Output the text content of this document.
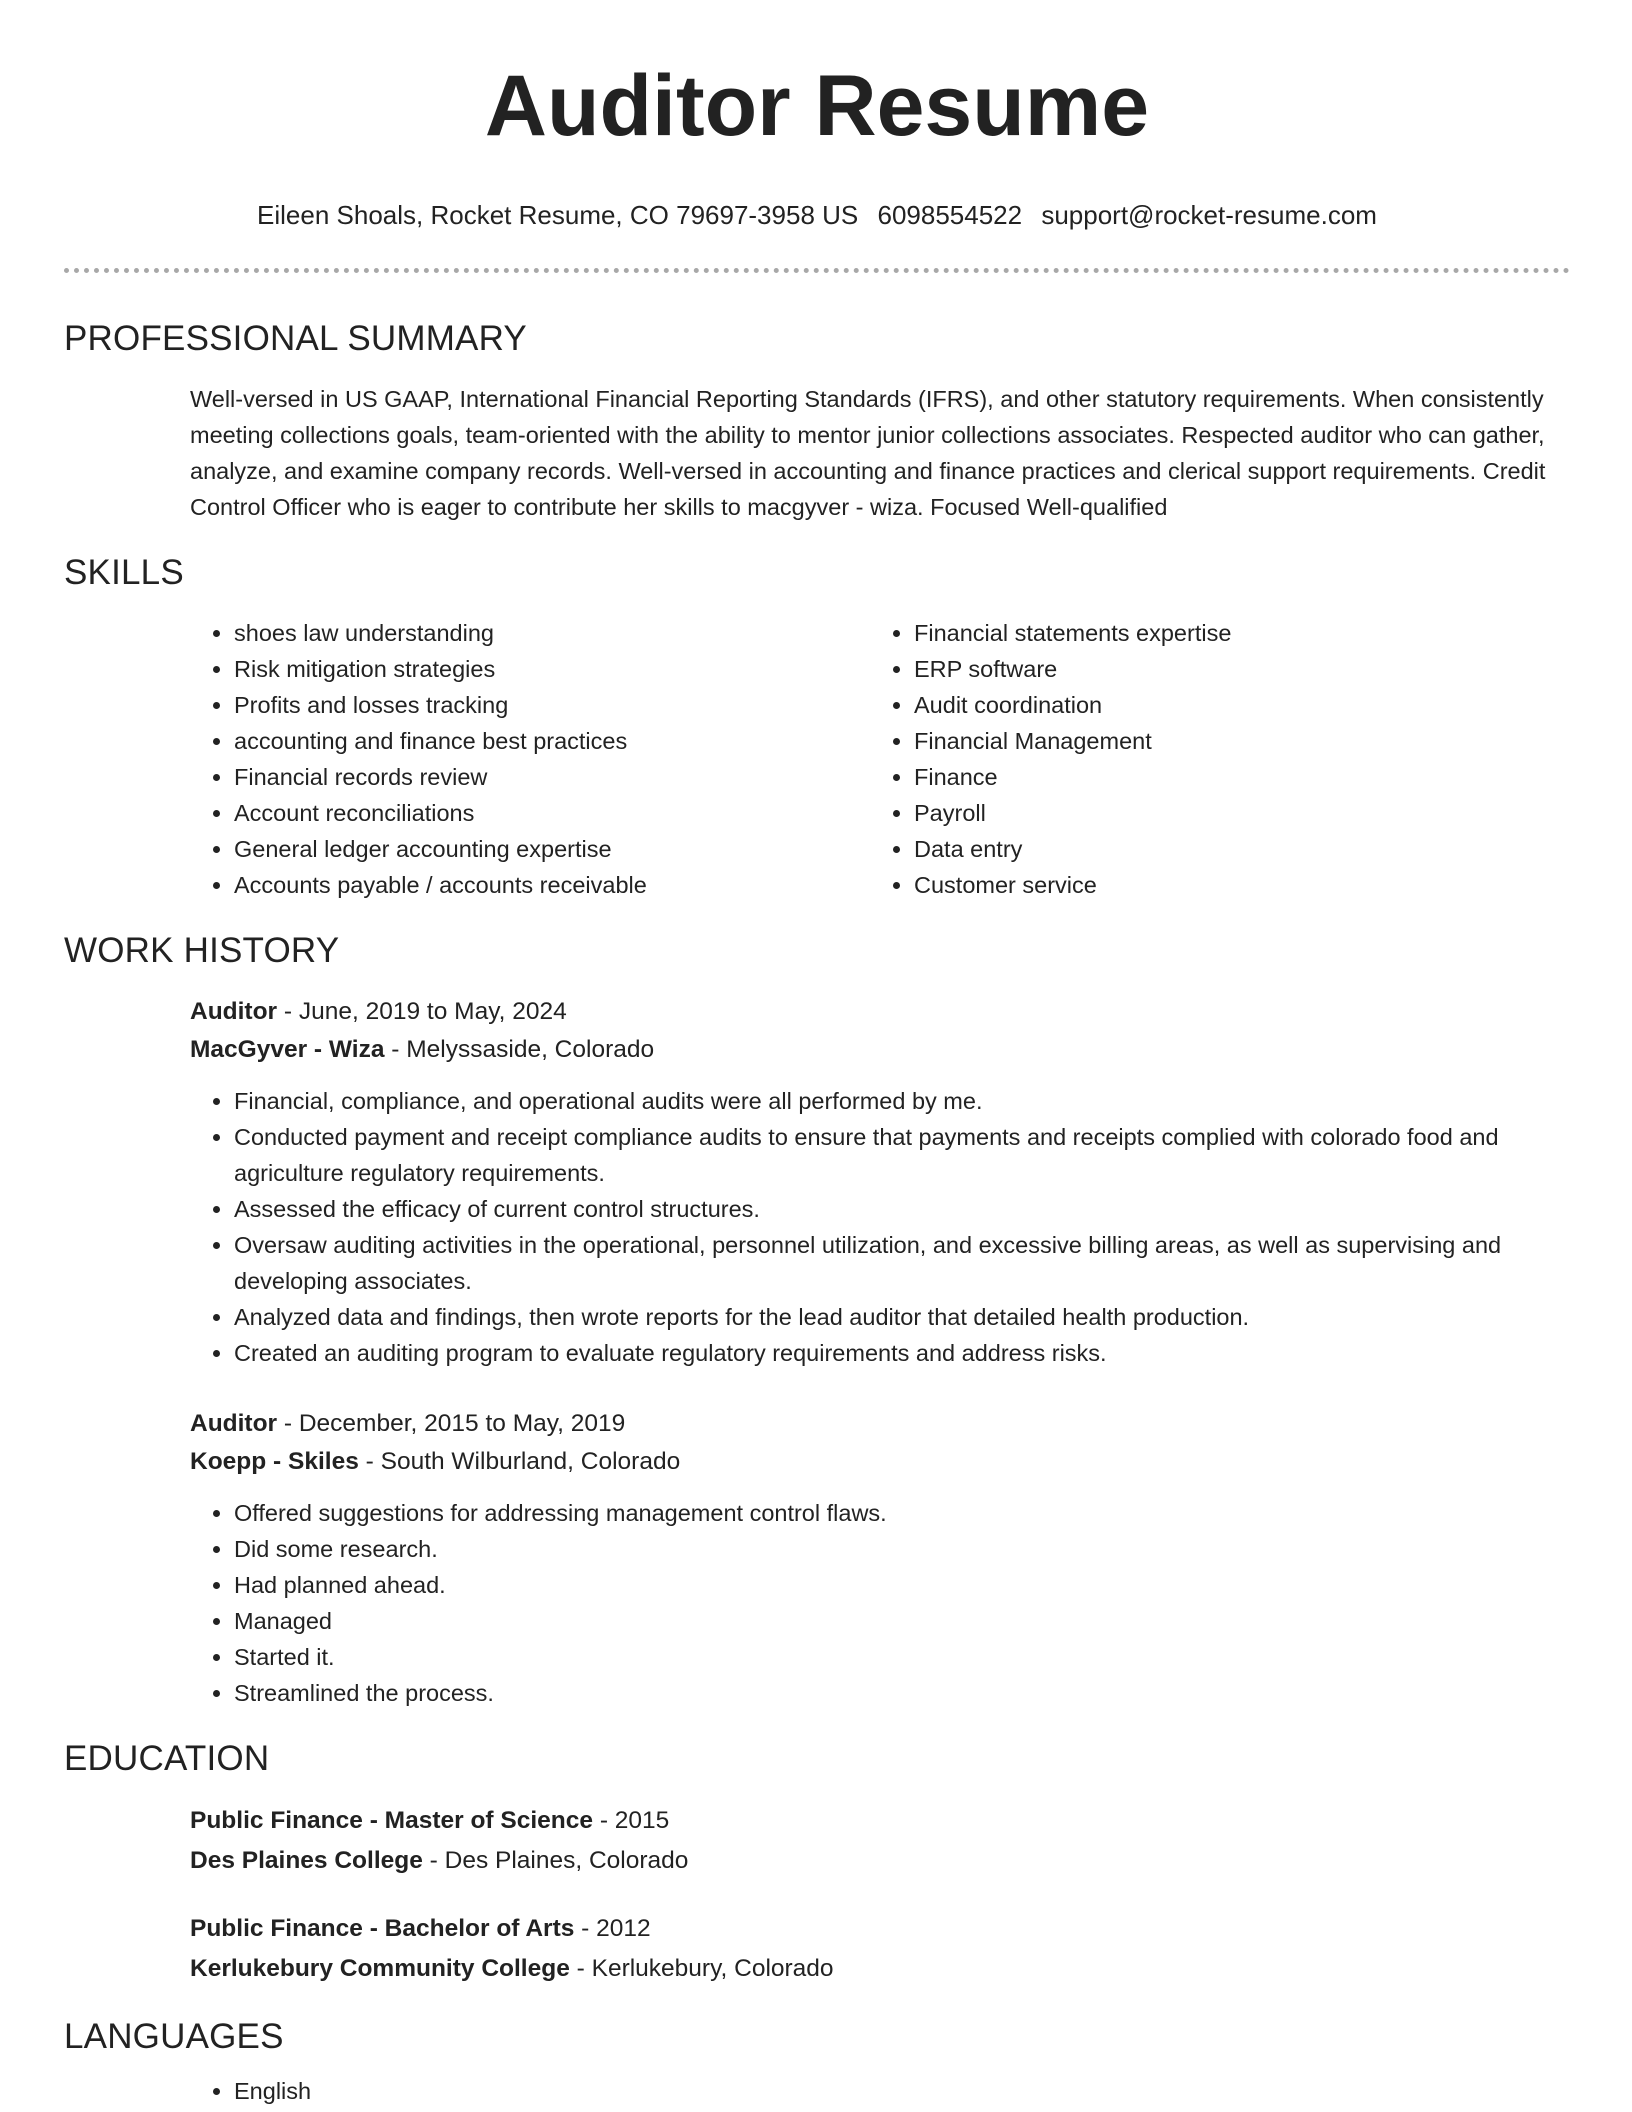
Auditor Resume
Eileen Shoals, Rocket Resume, CO 79697-3958 US 6098554522 support@rocket-resume.com
PROFESSIONAL SUMMARY
Well-versed in US GAAP, International Financial Reporting Standards (IFRS), and other statutory requirements. When consistently meeting collections goals, team-oriented with the ability to mentor junior collections associates. Respected auditor who can gather, analyze, and examine company records. Well-versed in accounting and finance practices and clerical support requirements. Credit Control Officer who is eager to contribute her skills to macgyver - wiza. Focused Well-qualified
SKILLS
• shoes law understanding
• Risk mitigation strategies
• Profits and losses tracking
• accounting and finance best practices
• Financial records review
• Account reconciliations
• General ledger accounting expertise
• Accounts payable / accounts receivable
• Financial statements expertise
• ERP software
• Audit coordination
• Financial Management
• Finance
• Payroll
• Data entry
• Customer service
WORK HISTORY
Auditor - June, 2019 to May, 2024
MacGyver - Wiza - Melyssaside, Colorado
• Financial, compliance, and operational audits were all performed by me.
• Conducted payment and receipt compliance audits to ensure that payments and receipts complied with colorado food and agriculture regulatory requirements.
• Assessed the efficacy of current control structures.
• Oversaw auditing activities in the operational, personnel utilization, and excessive billing areas, as well as supervising and developing associates.
• Analyzed data and findings, then wrote reports for the lead auditor that detailed health production.
• Created an auditing program to evaluate regulatory requirements and address risks.
Auditor - December, 2015 to May, 2019
Koepp - Skiles - South Wilburland, Colorado
• Offered suggestions for addressing management control flaws.
• Did some research.
• Had planned ahead.
• Managed
• Started it.
• Streamlined the process.
EDUCATION
Public Finance - Master of Science - 2015
Des Plaines College - Des Plaines, Colorado
Public Finance - Bachelor of Arts - 2012
Kerlukebury Community College - Kerlukebury, Colorado
LANGUAGES
• English
